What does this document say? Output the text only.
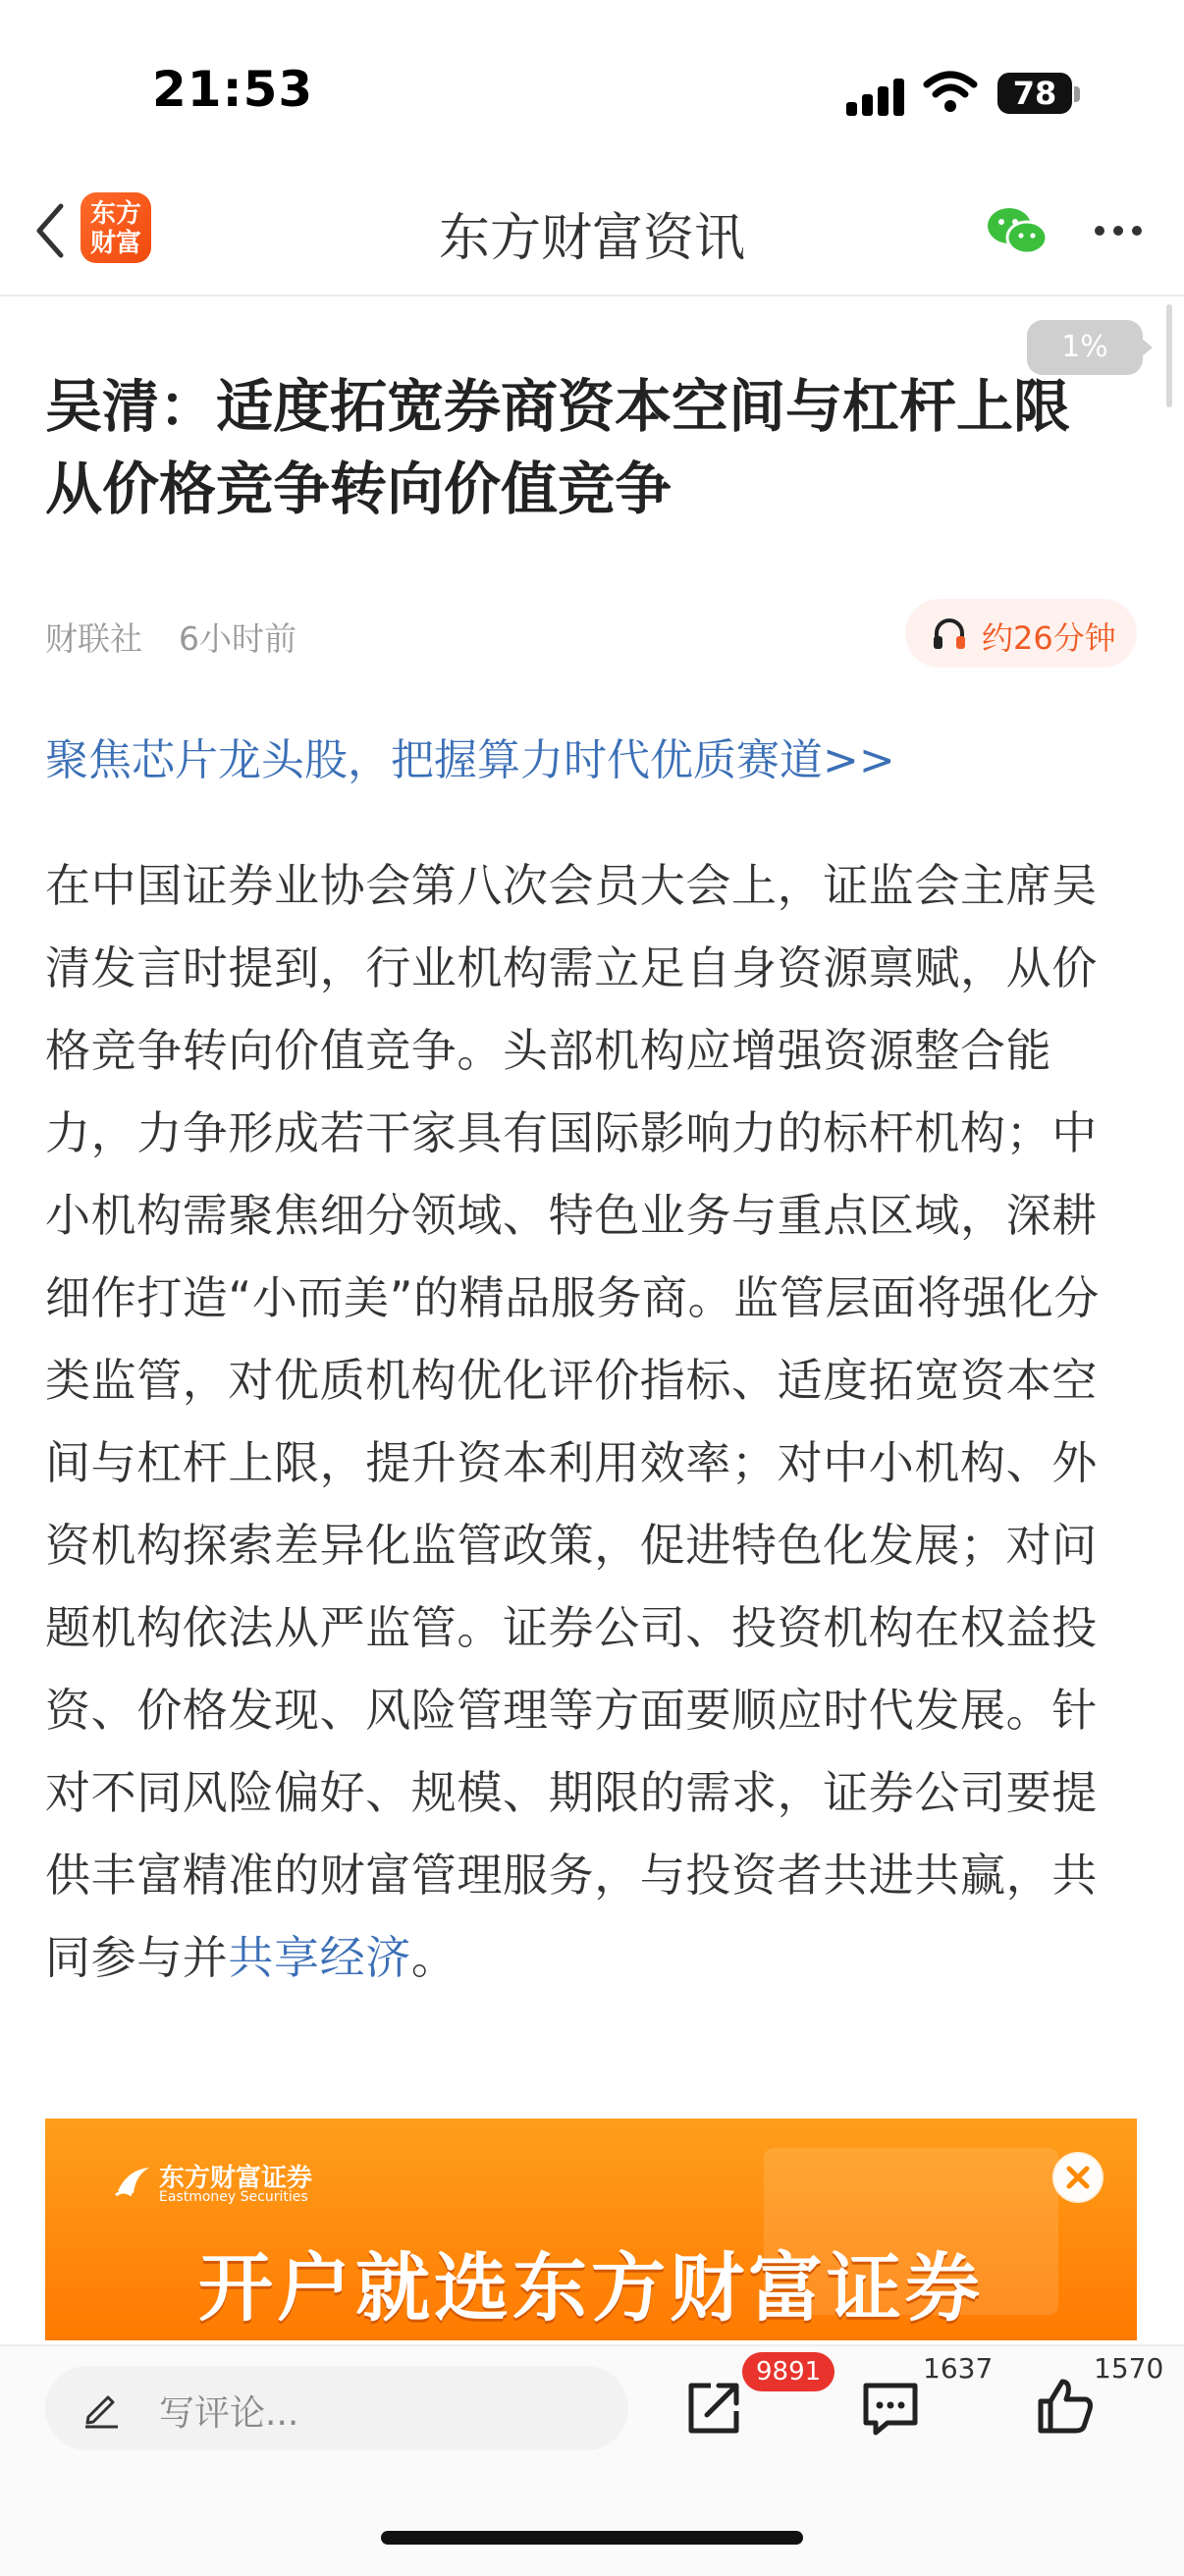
21:53	78
东方财富	东方财富资讯
1%
吴清：适度拓宽券商资本空间与杠杆上限 从价格竞争转向价值竞争
财联社 6小时前	约26分钟
聚焦芯片龙头股，把握算力时代优质赛道>>
在中国证券业协会第八次会员大会上，证监会主席吴清发言时提到，行业机构需立足自身资源禀赋，从价格竞争转向价值竞争。头部机构应增强资源整合能力，力争形成若干家具有国际影响力的标杆机构；中小机构需聚焦细分领域、特色业务与重点区域，深耕细作打造“小而美”的精品服务商。监管层面将强化分类监管，对优质机构优化评价指标、适度拓宽资本空间与杠杆上限，提升资本利用效率；对中小机构、外资机构探索差异化监管政策，促进特色化发展；对问题机构依法从严监管。证券公司、投资机构在权益投资、价格发现、风险管理等方面要顺应时代发展。针对不同风险偏好、规模、期限的需求，证券公司要提供丰富精准的财富管理服务，与投资者共进共赢，共同参与并共享经济。
东方财富证券
Eastmoney Securities
开户就选东方财富证券
写评论...
9891	1637	1570
